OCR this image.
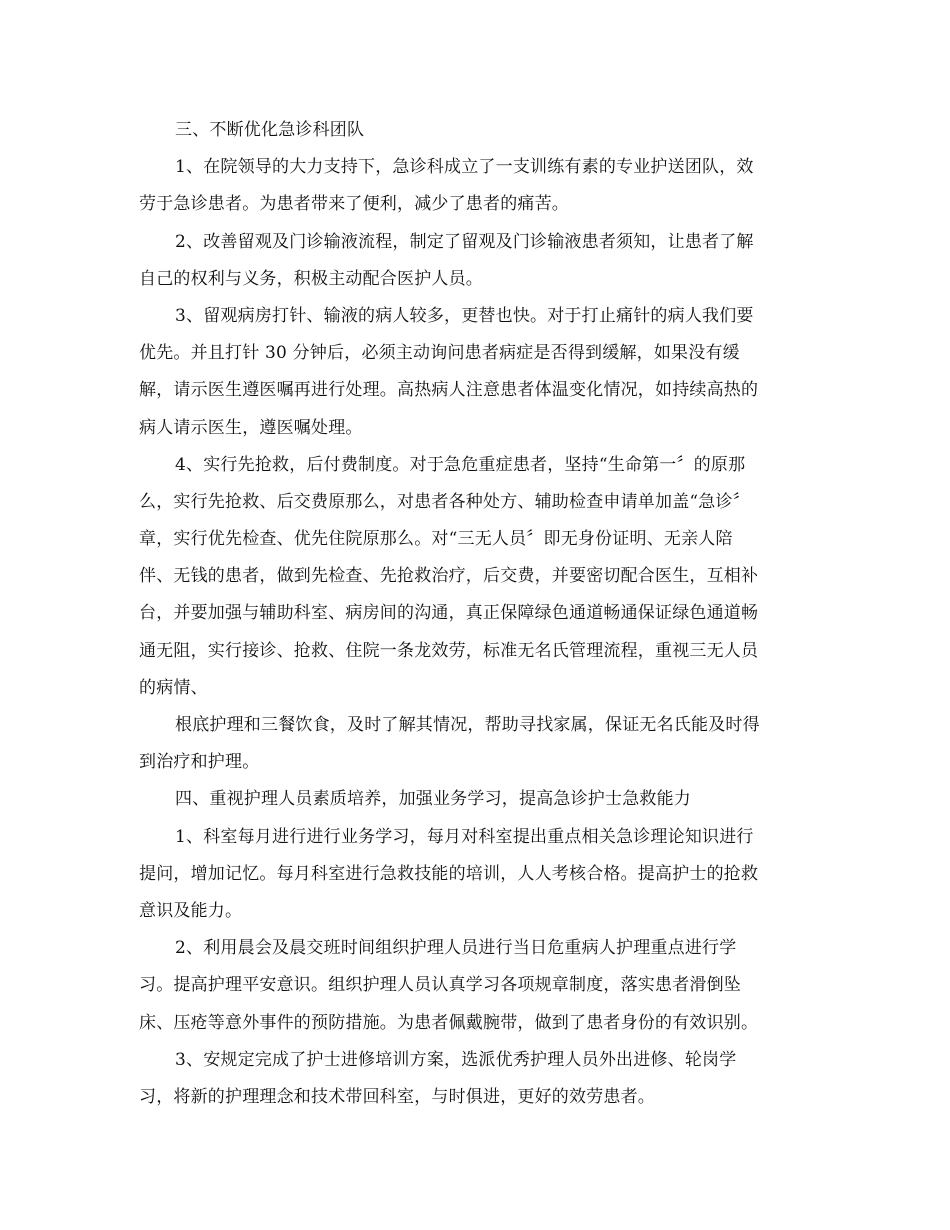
三、不断优化急诊科团队
1、在院领导的大力支持下，急诊科成立了一支训练有素的专业护送团队，效
劳于急诊患者。为患者带来了便利，减少了患者的痛苦。
2、改善留观及门诊输液流程，制定了留观及门诊输液患者须知，让患者了解
自己的权利与义务，积极主动配合医护人员。
3、留观病房打针、输液的病人较多，更替也快。对于打止痛针的病人我们要
优先。并且打针 30 分钟后，必须主动询问患者病症是否得到缓解，如果没有缓
解，请示医生遵医嘱再进行处理。高热病人注意患者体温变化情况，如持续高热的
病人请示医生，遵医嘱处理。
4、实行先抢救，后付费制度。对于急危重症患者，坚持“生命第一〞的原那
么，实行先抢救、后交费原那么，对患者各种处方、辅助检查申请单加盖“急诊〞
章，实行优先检查、优先住院原那么。对“三无人员〞即无身份证明、无亲人陪
伴、无钱的患者，做到先检查、先抢救治疗，后交费，并要密切配合医生，互相补
台，并要加强与辅助科室、病房间的沟通，真正保障绿色通道畅通保证绿色通道畅
通无阻，实行接诊、抢救、住院一条龙效劳，标准无名氏管理流程，重视三无人员
的病情、
根底护理和三餐饮食，及时了解其情况，帮助寻找家属，保证无名氏能及时得
到治疗和护理。
四、重视护理人员素质培养，加强业务学习，提高急诊护士急救能力
1、科室每月进行进行业务学习，每月对科室提出重点相关急诊理论知识进行
提问，增加记忆。每月科室进行急救技能的培训，人人考核合格。提高护士的抢救
意识及能力。
2、利用晨会及晨交班时间组织护理人员进行当日危重病人护理重点进行学
习。提高护理平安意识。组织护理人员认真学习各项规章制度，落实患者滑倒坠
床、压疮等意外事件的预防措施。为患者佩戴腕带，做到了患者身份的有效识别。
3、安规定完成了护士进修培训方案，选派优秀护理人员外出进修、轮岗学
习，将新的护理理念和技术带回科室，与时俱进，更好的效劳患者。
